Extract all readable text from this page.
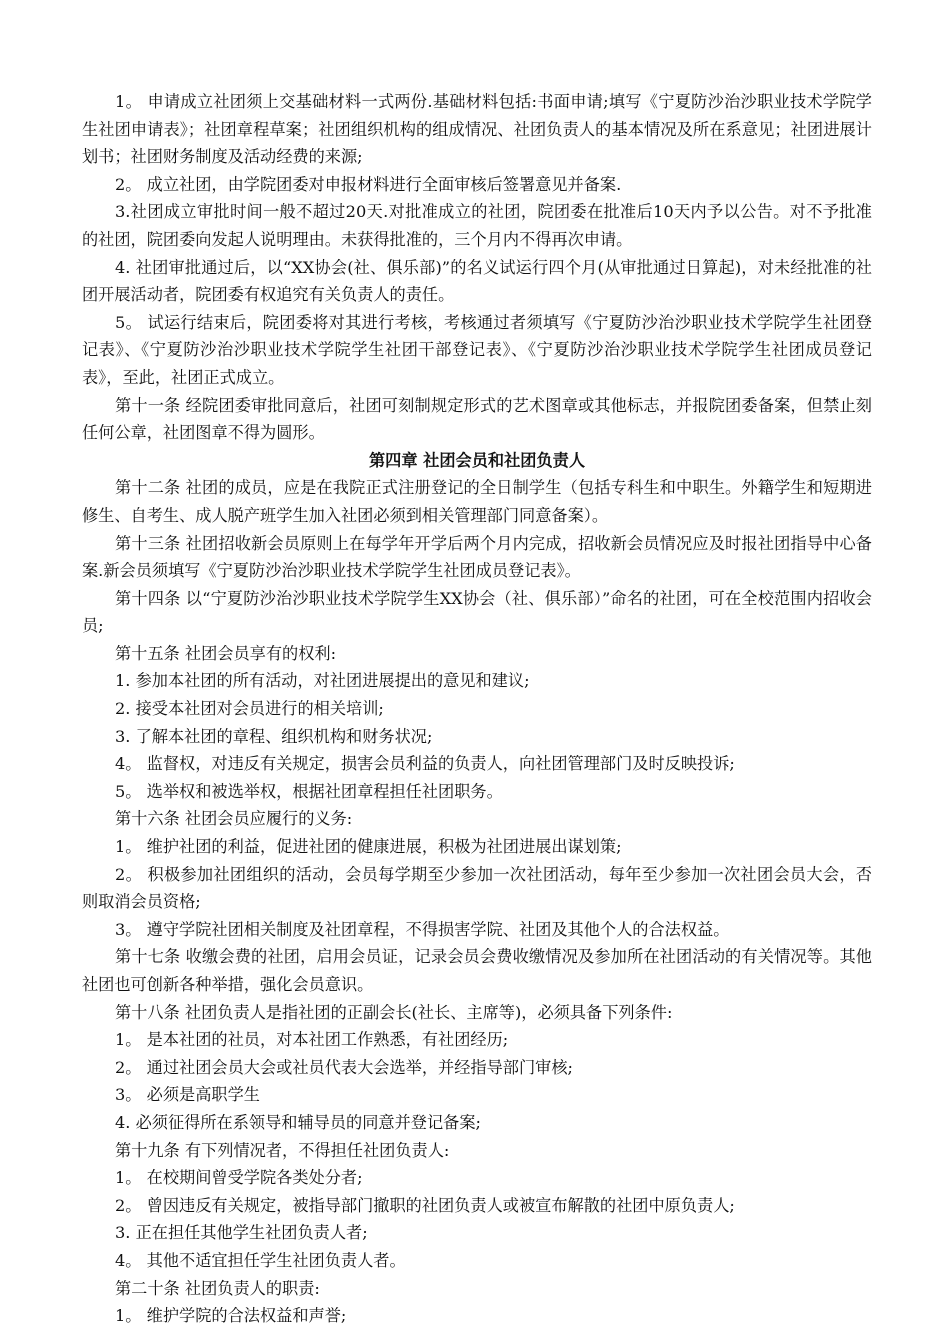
1。 申请成立社团须上交基础材料一式两份.基础材料包括:书面申请;填写《宁夏防沙治沙职业技术学院学生社团申请表》；社团章程草案；社团组织机构的组成情况、社团负责人的基本情况及所在系意见；社团进展计划书；社团财务制度及活动经费的来源;

2。 成立社团，由学院团委对申报材料进行全面审核后签署意见并备案.

3.社团成立审批时间一般不超过20天.对批准成立的社团，院团委在批准后10天内予以公告。对不予批准的社团，院团委向发起人说明理由。未获得批准的，三个月内不得再次申请。

4. 社团审批通过后，以“XX协会(社、俱乐部)”的名义试运行四个月(从审批通过日算起)，对未经批准的社团开展活动者，院团委有权追究有关负责人的责任。

5。 试运行结束后，院团委将对其进行考核，考核通过者须填写《宁夏防沙治沙职业技术学院学生社团登记表》、《宁夏防沙治沙职业技术学院学生社团干部登记表》、《宁夏防沙治沙职业技术学院学生社团成员登记表》，至此，社团正式成立。

第十一条 经院团委审批同意后，社团可刻制规定形式的艺术图章或其他标志，并报院团委备案，但禁止刻任何公章，社团图章不得为圆形。

第四章 社团会员和社团负责人

第十二条 社团的成员，应是在我院正式注册登记的全日制学生（包括专科生和中职生。外籍学生和短期进修生、自考生、成人脱产班学生加入社团必须到相关管理部门同意备案）。

第十三条 社团招收新会员原则上在每学年开学后两个月内完成，招收新会员情况应及时报社团指导中心备案.新会员须填写《宁夏防沙治沙职业技术学院学生社团成员登记表》。

第十四条 以“宁夏防沙治沙职业技术学院学生XX协会（社、俱乐部）”命名的社团，可在全校范围内招收会员;

第十五条 社团会员享有的权利:

1. 参加本社团的所有活动，对社团进展提出的意见和建议;

2. 接受本社团对会员进行的相关培训;

3. 了解本社团的章程、组织机构和财务状况;

4。 监督权，对违反有关规定，损害会员利益的负责人，向社团管理部门及时反映投诉;

5。 选举权和被选举权，根据社团章程担任社团职务。

第十六条 社团会员应履行的义务:

1。 维护社团的利益，促进社团的健康进展，积极为社团进展出谋划策;

2。 积极参加社团组织的活动，会员每学期至少参加一次社团活动，每年至少参加一次社团会员大会，否则取消会员资格;

3。 遵守学院社团相关制度及社团章程，不得损害学院、社团及其他个人的合法权益。

第十七条 收缴会费的社团，启用会员证，记录会员会费收缴情况及参加所在社团活动的有关情况等。其他社团也可创新各种举措，强化会员意识。

第十八条 社团负责人是指社团的正副会长(社长、主席等)，必须具备下列条件:

1。 是本社团的社员，对本社团工作熟悉，有社团经历;

2。 通过社团会员大会或社员代表大会选举，并经指导部门审核;

3。 必须是高职学生

4. 必须征得所在系领导和辅导员的同意并登记备案;

第十九条 有下列情况者，不得担任社团负责人:

1。 在校期间曾受学院各类处分者;

2。 曾因违反有关规定，被指导部门撤职的社团负责人或被宣布解散的社团中原负责人;

3. 正在担任其他学生社团负责人者;

4。 其他不适宜担任学生社团负责人者。

第二十条 社团负责人的职责:

1。 维护学院的合法权益和声誉;
